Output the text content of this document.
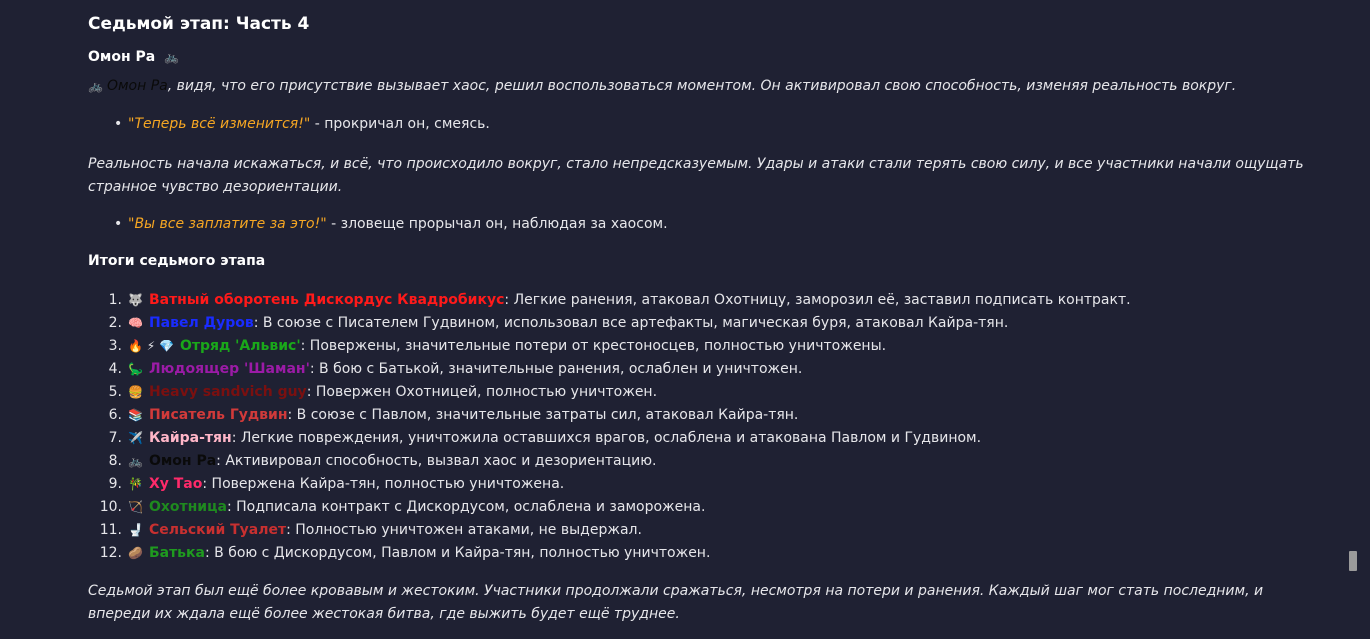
Седьмой этап: Часть 4
Омон Ра 🚲
🚲 Омон Ра, видя, что его присутствие вызывает хаос, решил воспользоваться моментом. Он активировал свою способность, изменяя реальность вокруг.
• "Теперь всё изменится!" - прокричал он, смеясь.
Реальность начала искажаться, и всё, что происходило вокруг, стало непредсказуемым. Удары и атаки стали терять свою силу, и все участники начали ощущать странное чувство дезориентации.
• "Вы все заплатите за это!" - зловеще прорычал он, наблюдая за хаосом.
Итоги седьмого этапа
1. 🐺 Ватный оборотень Дискордус Квадробикус: Легкие ранения, атаковал Охотницу, заморозил её, заставил подписать контракт.
2. 🧠 Павел Дуров: В союзе с Писателем Гудвином, использовал все артефакты, магическая буря, атаковал Кайра-тян.
3. 🔥 ⚡ 💎 Отряд 'Альвис': Повержены, значительные потери от крестоносцев, полностью уничтожены.
4. 🦕 Людоящер 'Шаман': В бою с Батькой, значительные ранения, ослаблен и уничтожен.
5. 🍔 Heavy sandvich guy: Повержен Охотницей, полностью уничтожен.
6. 📚 Писатель Гудвин: В союзе с Павлом, значительные затраты сил, атаковал Кайра-тян.
7. ✈️ Кайра-тян: Легкие повреждения, уничтожила оставшихся врагов, ослаблена и атакована Павлом и Гудвином.
8. 🚲 Омон Ра: Активировал способность, вызвал хаос и дезориентацию.
9. 🎋 Ху Тао: Повержена Кайра-тян, полностью уничтожена.
10. 🏹 Охотница: Подписала контракт с Дискордусом, ослаблена и заморожена.
11. 🚽 Сельский Туалет: Полностью уничтожен атаками, не выдержал.
12. 🥔 Батька: В бою с Дискордусом, Павлом и Кайра-тян, полностью уничтожен.
Седьмой этап был ещё более кровавым и жестоким. Участники продолжали сражаться, несмотря на потери и ранения. Каждый шаг мог стать последним, и впереди их ждала ещё более жестокая битва, где выжить будет ещё труднее.
